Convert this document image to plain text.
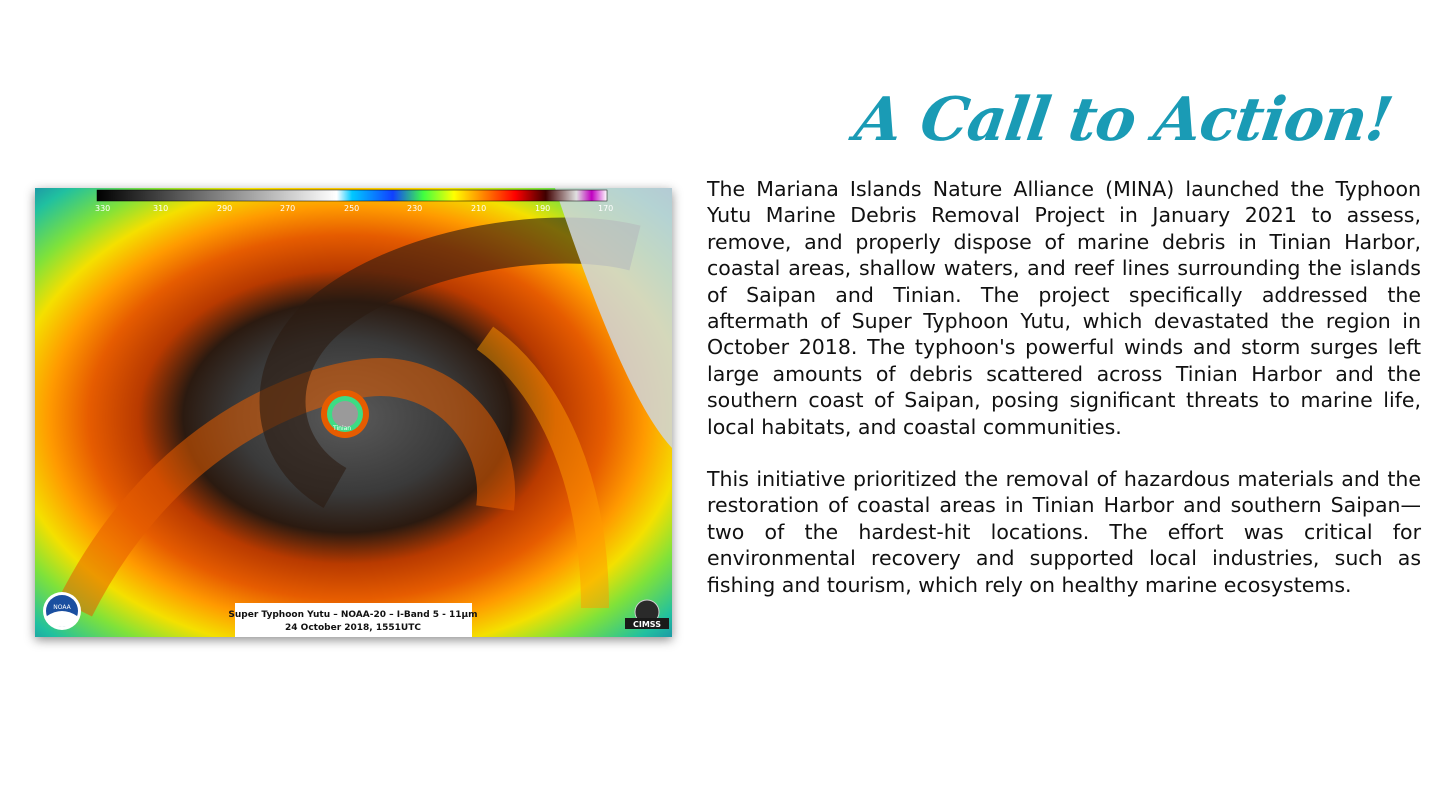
A Call to Action!
Tinian
330	310	290	270	250	230	210	190	170
NOAA
Super Typhoon Yutu – NOAA-20 – I-Band 5 - 11µm
24 October 2018, 1551UTC	CIMSS

The Mariana Islands Nature Alliance (MINA) launched the Typhoon Yutu Marine Debris Removal Project in January 2021 to assess, remove, and properly dispose of marine debris in Tinian Harbor, coastal areas, shallow waters, and reef lines surrounding the islands of Saipan and Tinian. The project specifically addressed the aftermath of Super Typhoon Yutu, which devastated the region in October 2018. The typhoon's powerful winds and storm surges left large amounts of debris scattered across Tinian Harbor and the southern coast of Saipan, posing significant threats to marine life, local habitats, and coastal communities.

This initiative prioritized the removal of hazardous materials and the restoration of coastal areas in Tinian Harbor and southern Saipan—two of the hardest-hit locations. The effort was critical for environmental recovery and supported local industries, such as fishing and tourism, which rely on healthy marine ecosystems.
